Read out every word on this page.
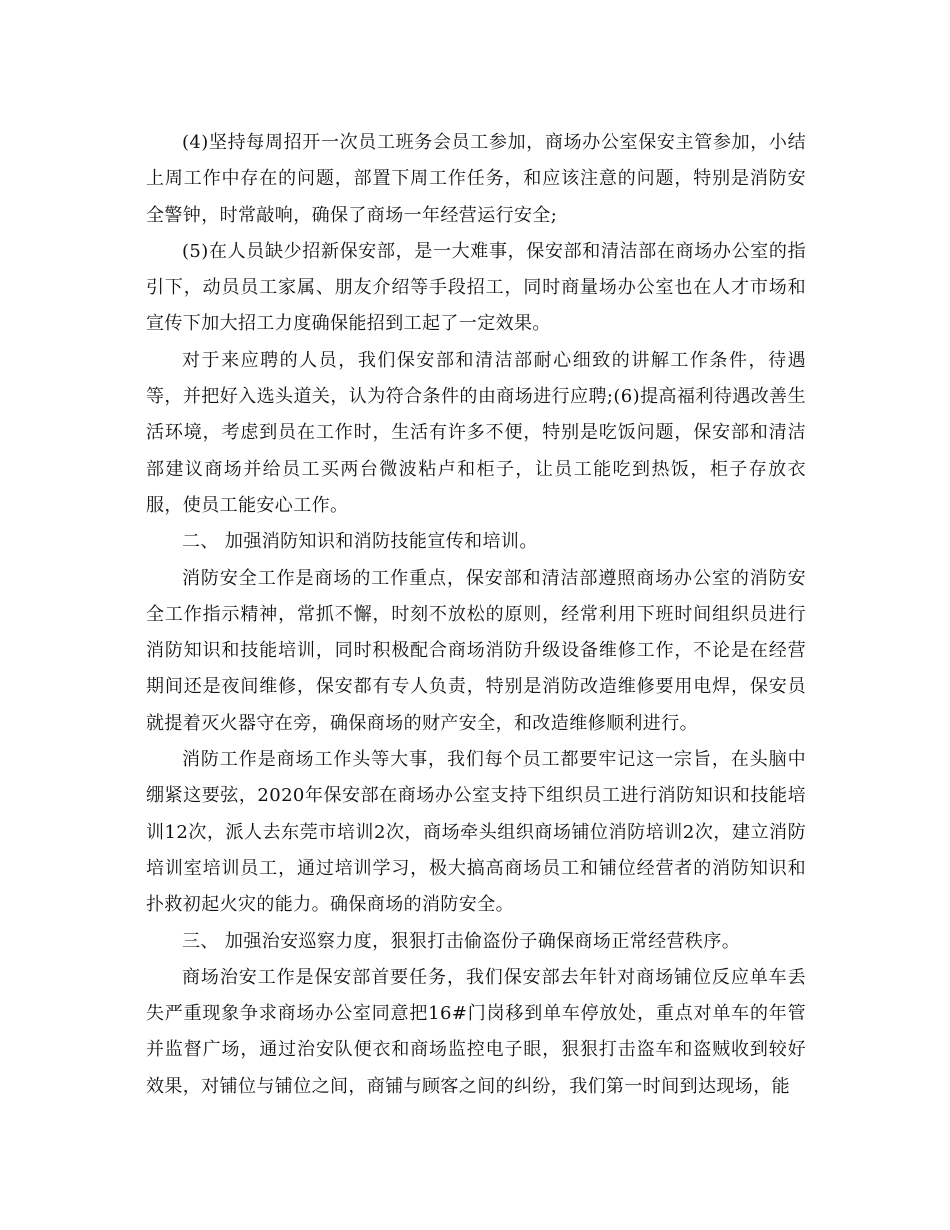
(4)坚持每周招开一次员工班务会员工参加，商场办公室保安主管参加，小结上周工作中存在的问题，部置下周工作任务，和应该注意的问题，特别是消防安全警钟，时常敲响，确保了商场一年经营运行安全;

(5)在人员缺少招新保安部，是一大难事，保安部和清洁部在商场办公室的指引下，动员员工家属、朋友介绍等手段招工，同时商量场办公室也在人才市场和宣传下加大招工力度确保能招到工起了一定效果。

对于来应聘的人员，我们保安部和清洁部耐心细致的讲解工作条件，待遇等，并把好入选头道关，认为符合条件的由商场进行应聘;(6)提高福利待遇改善生活环境，考虑到员在工作时，生活有许多不便，特别是吃饭问题，保安部和清洁部建议商场并给员工买两台微波粘卢和柜子，让员工能吃到热饭，柜子存放衣服，使员工能安心工作。

二、 加强消防知识和消防技能宣传和培训。

消防安全工作是商场的工作重点，保安部和清洁部遵照商场办公室的消防安全工作指示精神，常抓不懈，时刻不放松的原则，经常利用下班时间组织员进行消防知识和技能培训，同时积极配合商场消防升级设备维修工作，不论是在经营期间还是夜间维修，保安都有专人负责，特别是消防改造维修要用电焊，保安员就提着灭火器守在旁，确保商场的财产安全，和改造维修顺利进行。

消防工作是商场工作头等大事，我们每个员工都要牢记这一宗旨，在头脑中绷紧这要弦，2020年保安部在商场办公室支持下组织员工进行消防知识和技能培训12次，派人去东莞市培训2次，商场牵头组织商场铺位消防培训2次，建立消防培训室培训员工，通过培训学习，极大搞高商场员工和铺位经营者的消防知识和扑救初起火灾的能力。确保商场的消防安全。

三、 加强治安巡察力度，狠狠打击偷盗份子确保商场正常经营秩序。

商场治安工作是保安部首要任务，我们保安部去年针对商场铺位反应单车丢失严重现象争求商场办公室同意把16#门岗移到单车停放处，重点对单车的年管并监督广场，通过治安队便衣和商场监控电子眼，狠狠打击盗车和盗贼收到较好效果，对铺位与铺位之间，商铺与顾客之间的纠纷，我们第一时间到达现场，能
